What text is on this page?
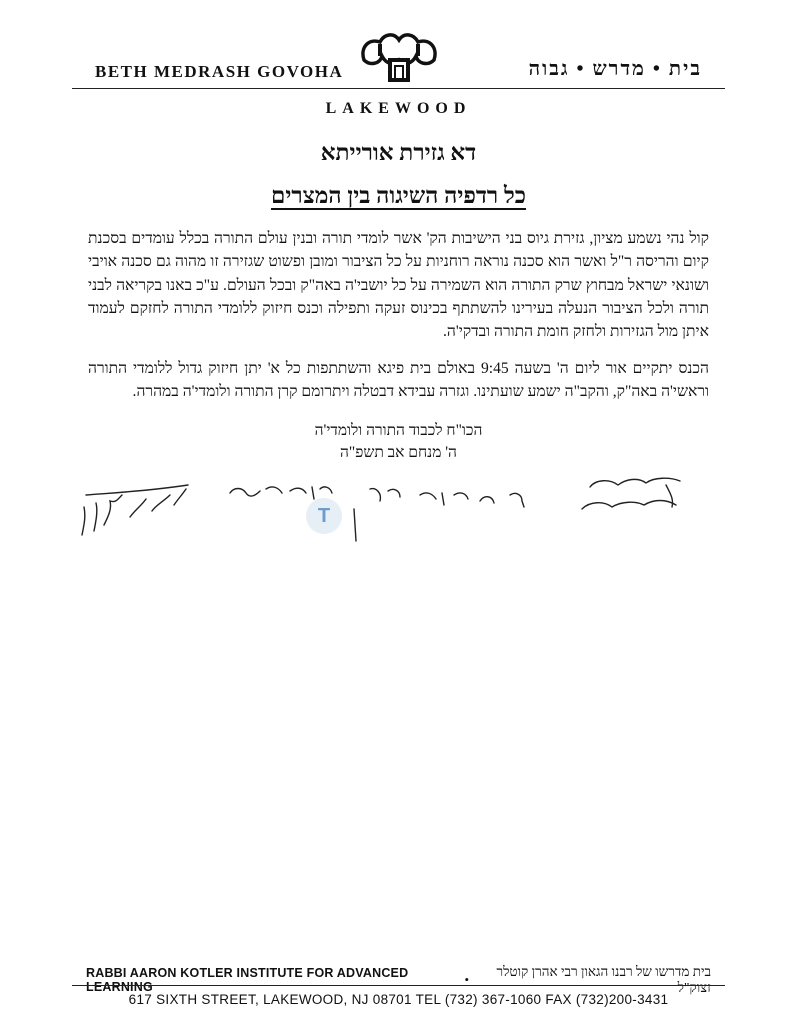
BETH MEDRASH GOVOHA	בית • מדרש • גבוה
LAKEWOOD
דא גזירת אורייתא
כל רדפיה השיגוה בין המצרים
קול נהי נשמע מציון, גזירת גיוס בני הישיבות הק' אשר לומדי תורה ובנין עולם התורה בכלל עומדים בסכנת קיום והריסה ר"ל ואשר הוא סכנה נוראה רוחניות על כל הציבור ומובן ופשוט שגזירה זו מהוה גם סכנה אויבי ושונאי ישראל מבחוץ שרק התורה הוא השמירה על כל יושבי'ה באה"ק ובכל העולם. ע"כ באנו בקריאה לבני תורה ולכל הציבור הנעלה בעירינו להשתתף בכינוס זעקה ותפילה וכנס חיזוק ללומדי התורה לחזקם לעמוד איתן מול הגזירות ולחזק חומת התורה ובדקי'ה.
הכנס יתקיים אור ליום ה' בשעה 9:45 באולם בית פיגא והשתתפות כל א' יתן חיזוק גדול ללומדי התורה וראשי'ה באה"ק, והקב"ה ישמע שועתינו. וגזרה עבידא דבטלה ויתרומם קרן התורה ולומדי'ה במהרה.
הכו"ח לכבוד התורה ולומדי'ה
ה' מנחם אב תשפ"ה
T
RABBI AARON KOTLER INSTITUTE FOR ADVANCED LEARNING	•
בית מדרשו של רבנו הגאון רבי אהרן קוטלר זצוק"ל
617 SIXTH STREET, LAKEWOOD, NJ 08701 TEL (732) 367-1060 FAX (732)200-3431
